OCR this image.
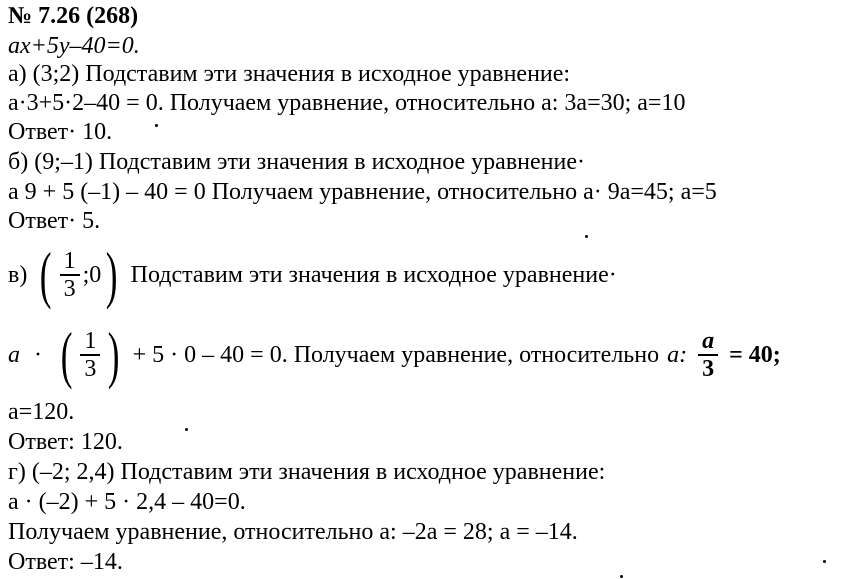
№ 7.26 (268)
ax+5y–40=0.
а) (3;2) Подставим эти значения в исходное уравнение:
a·3+5·2–40 = 0. Получаем уравнение, относительно a: 3a=30; a=10
Ответ· 10.
б) (9;–1) Подставим эти значения в исходное уравнение·
a 9 + 5 (–1) – 40 = 0 Получаем уравнение, относительно a· 9a=45; a=5
Ответ· 5.
в) ( $\frac{1}{3}$ ;0 ) Подставим эти значения в исходное уравнение·
a · ( $\frac{1}{3}$ ) + 5 · 0 – 40 = 0. Получаем уравнение, относительно a: $\frac{a}{3} = 40$;
a=120.
Ответ: 120.
г) (–2; 2,4) Подставим эти значения в исходное уравнение:
a · (–2) + 5 · 2,4 – 40=0.
Получаем уравнение, относительно a: –2a = 28; a = –14.
Ответ: –14.
